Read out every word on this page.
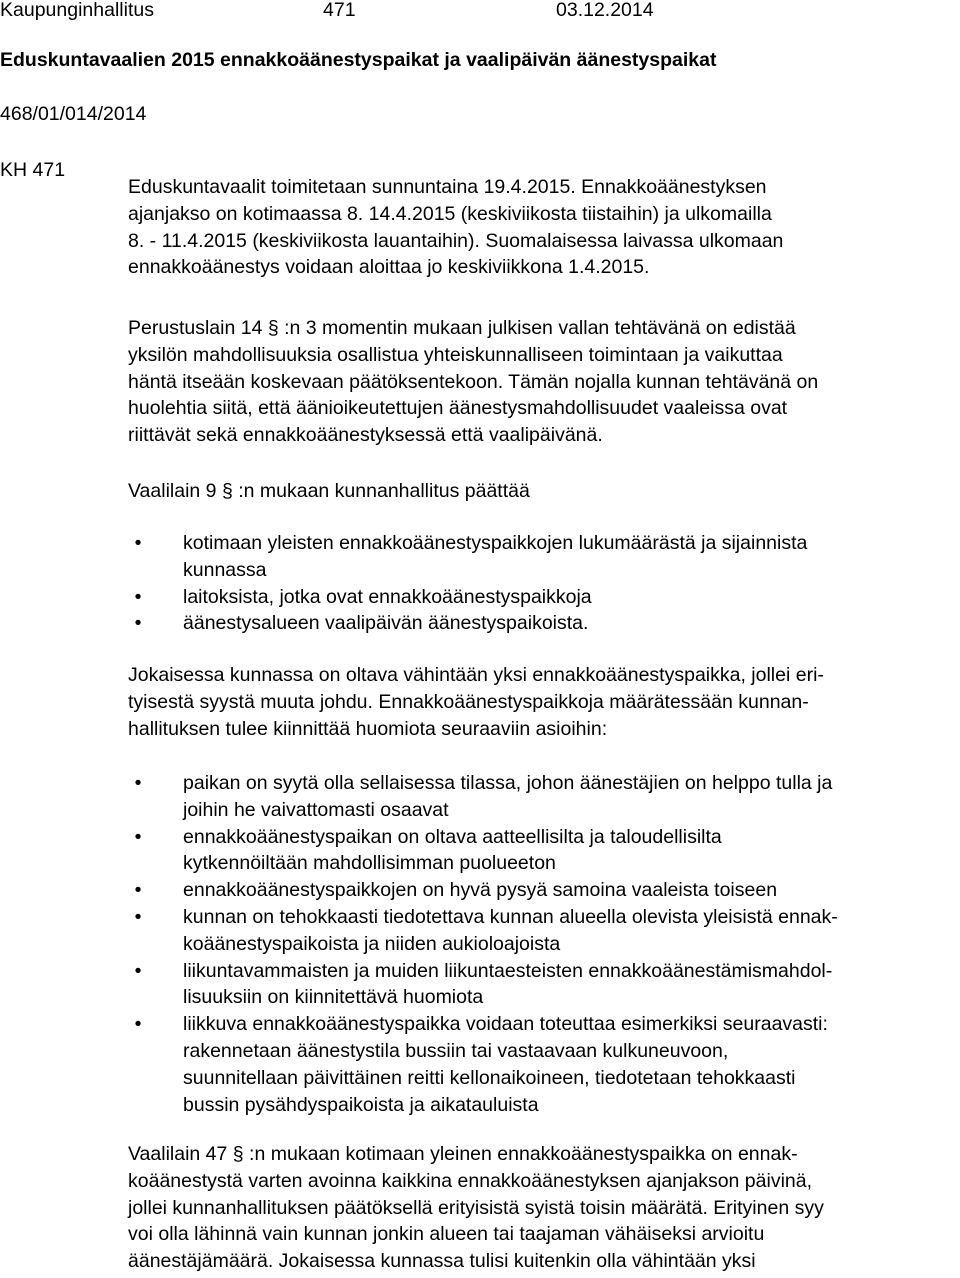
Kaupunginhallitus	471	03.12.2014
Eduskuntavaalien 2015 ennakkoäänestyspaikat ja vaalipäivän äänestyspaikat
468/01/014/2014
KH 471

Eduskuntavaalit toimitetaan sunnuntaina 19.4.2015. Ennakkoäänestyksen
ajanjakso on kotimaassa 8. 14.4.2015 (keskiviikosta tiistaihin) ja ulkomailla
8. - 11.4.2015 (keskiviikosta lauantaihin). Suomalaisessa laivassa ulkomaan
ennakkoäänestys voidaan aloittaa jo keskiviikkona 1.4.2015.

Perustuslain 14 § :n 3 momentin mukaan julkisen vallan tehtävänä on edistää
yksilön mahdollisuuksia osallistua yhteiskunnalliseen toimintaan ja vaikuttaa
häntä itseään koskevaan päätöksentekoon. Tämän nojalla kunnan tehtävänä on
huolehtia siitä, että äänioikeutettujen äänestysmahdollisuudet vaaleissa ovat
riittävät sekä ennakkoäänestyksessä että vaalipäivänä.

Vaalilain 9 § :n mukaan kunnanhallitus päättää

•	kotimaan yleisten ennakkoäänestyspaikkojen lukumäärästä ja sijainnista
kunnassa
•	laitoksista, jotka ovat ennakkoäänestyspaikkoja
•	äänestysalueen vaalipäivän äänestyspaikoista.

Jokaisessa kunnassa on oltava vähintään yksi ennakkoäänestyspaikka, jollei eri-
tyisestä syystä muuta johdu. Ennakkoäänestyspaikkoja määrätessään kunnan-
hallituksen tulee kiinnittää huomiota seuraaviin asioihin:

•	paikan on syytä olla sellaisessa tilassa, johon äänestäjien on helppo tulla ja
joihin he vaivattomasti osaavat
•	ennakkoäänestyspaikan on oltava aatteellisilta ja taloudellisilta
kytkennöiltään mahdollisimman puolueeton
•	ennakkoäänestyspaikkojen on hyvä pysyä samoina vaaleista toiseen
•	kunnan on tehokkaasti tiedotettava kunnan alueella olevista yleisistä ennak-
koäänestyspaikoista ja niiden aukioloajoista
•	liikuntavammaisten ja muiden liikuntaesteisten ennakkoäänestämismahdol-
lisuuksiin on kiinnitettävä huomiota
•	liikkuva ennakkoäänestyspaikka voidaan toteuttaa esimerkiksi seuraavasti:
rakennetaan äänestystila bussiin tai vastaavaan kulkuneuvoon,
suunnitellaan päivittäinen reitti kellonaikoineen, tiedotetaan tehokkaasti
bussin pysähdyspaikoista ja aikatauluista

Vaalilain 47 § :n mukaan kotimaan yleinen ennakkoäänestyspaikka on ennak-
koäänestystä varten avoinna kaikkina ennakkoäänestyksen ajanjakson päivinä,
jollei kunnanhallituksen päätöksellä erityisistä syistä toisin määrätä. Erityinen syy
voi olla lähinnä vain kunnan jonkin alueen tai taajaman vähäiseksi arvioitu
äänestäjämäärä. Jokaisessa kunnassa tulisi kuitenkin olla vähintään yksi
